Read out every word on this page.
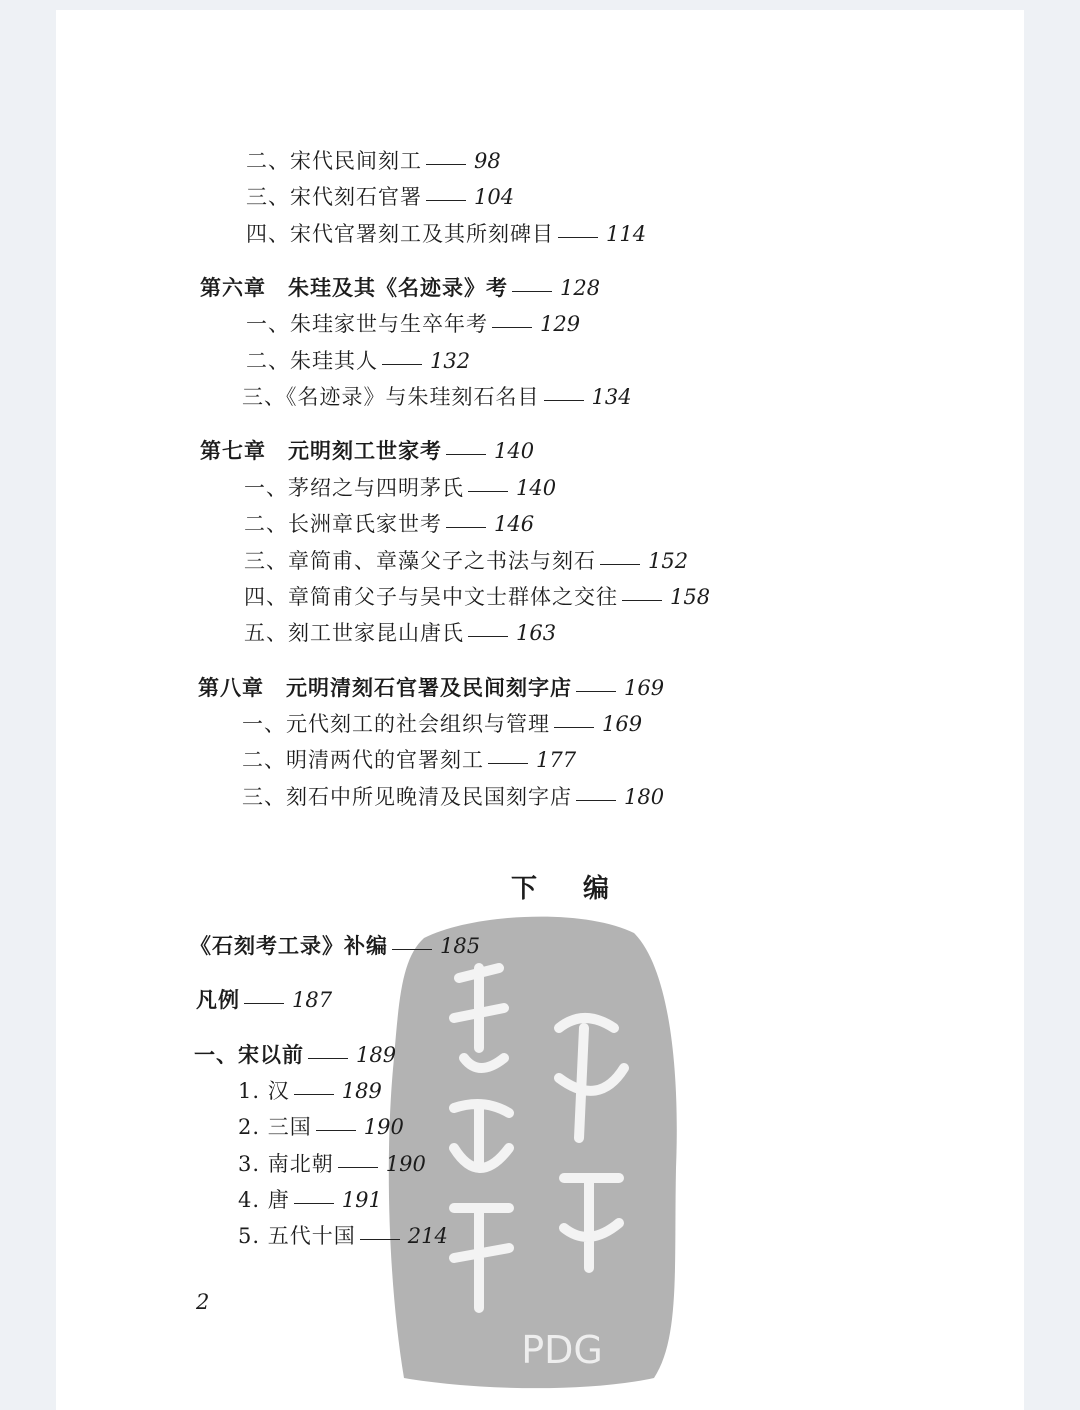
PDG
二、宋代民间刻工 98
三、宋代刻石官署 104
四、宋代官署刻工及其所刻碑目 114
第六章　朱珪及其《名迹录》考 128
一、朱珪家世与生卒年考 129
二、朱珪其人 132
三、《名迹录》与朱珪刻石名目 134
第七章　元明刻工世家考 140
一、茅绍之与四明茅氏 140
二、长洲章氏家世考 146
三、章简甫、章藻父子之书法与刻石 152
四、章简甫父子与吴中文士群体之交往 158
五、刻工世家昆山唐氏 163
第八章　元明清刻石官署及民间刻字店 169
一、元代刻工的社会组织与管理 169
二、明清两代的官署刻工 177
三、刻石中所见晚清及民国刻字店 180
下编
《石刻考工录》补编 185
凡例 187
一、宋以前 189
1. 汉 189
2. 三国 190
3. 南北朝 190
4. 唐 191
5. 五代十国 214
2
